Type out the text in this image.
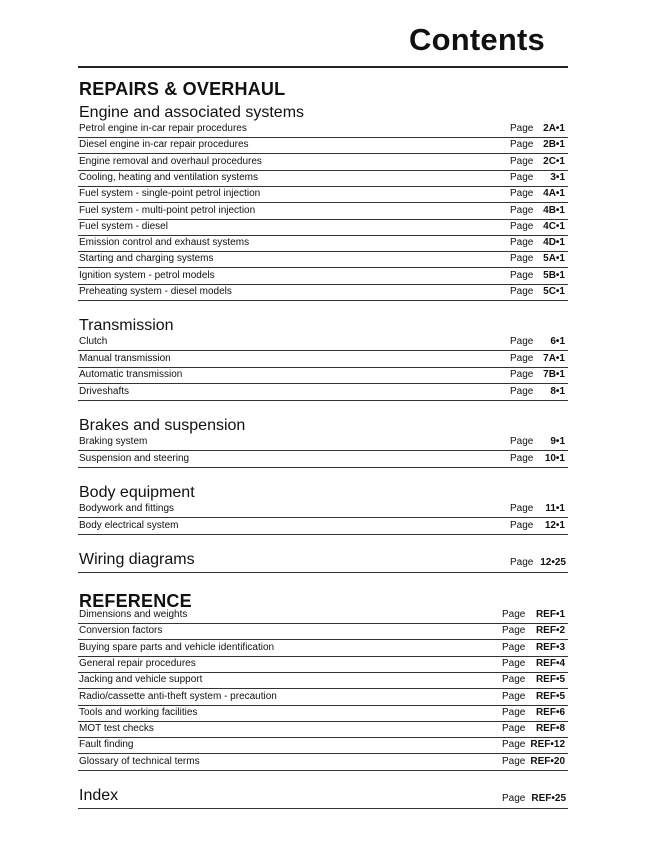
Contents
REPAIRS & OVERHAUL
Engine and associated systems
Petrol engine in-car repair procedures	Page 2A•1
Diesel engine in-car repair procedures	Page 2B•1
Engine removal and overhaul procedures	Page 2C•1
Cooling, heating and ventilation systems	Page 3•1
Fuel system - single-point petrol injection	Page 4A•1
Fuel system - multi-point petrol injection	Page 4B•1
Fuel system - diesel	Page 4C•1
Emission control and exhaust systems	Page 4D•1
Starting and charging systems	Page 5A•1
Ignition system - petrol models	Page 5B•1
Preheating system - diesel models	Page 5C•1
Transmission
Clutch	Page 6•1
Manual transmission	Page 7A•1
Automatic transmission	Page 7B•1
Driveshafts	Page 8•1
Brakes and suspension
Braking system	Page 9•1
Suspension and steering	Page 10•1
Body equipment
Bodywork and fittings	Page 11•1
Body electrical system	Page 12•1
Wiring diagrams	Page 12•25
REFERENCE
Dimensions and weights	Page REF•1
Conversion factors	Page REF•2
Buying spare parts and vehicle identification	Page REF•3
General repair procedures	Page REF•4
Jacking and vehicle support	Page REF•5
Radio/cassette anti-theft system - precaution	Page REF•5
Tools and working facilities	Page REF•6
MOT test checks	Page REF•8
Fault finding	Page REF•12
Glossary of technical terms	Page REF•20
Index	Page REF•25
